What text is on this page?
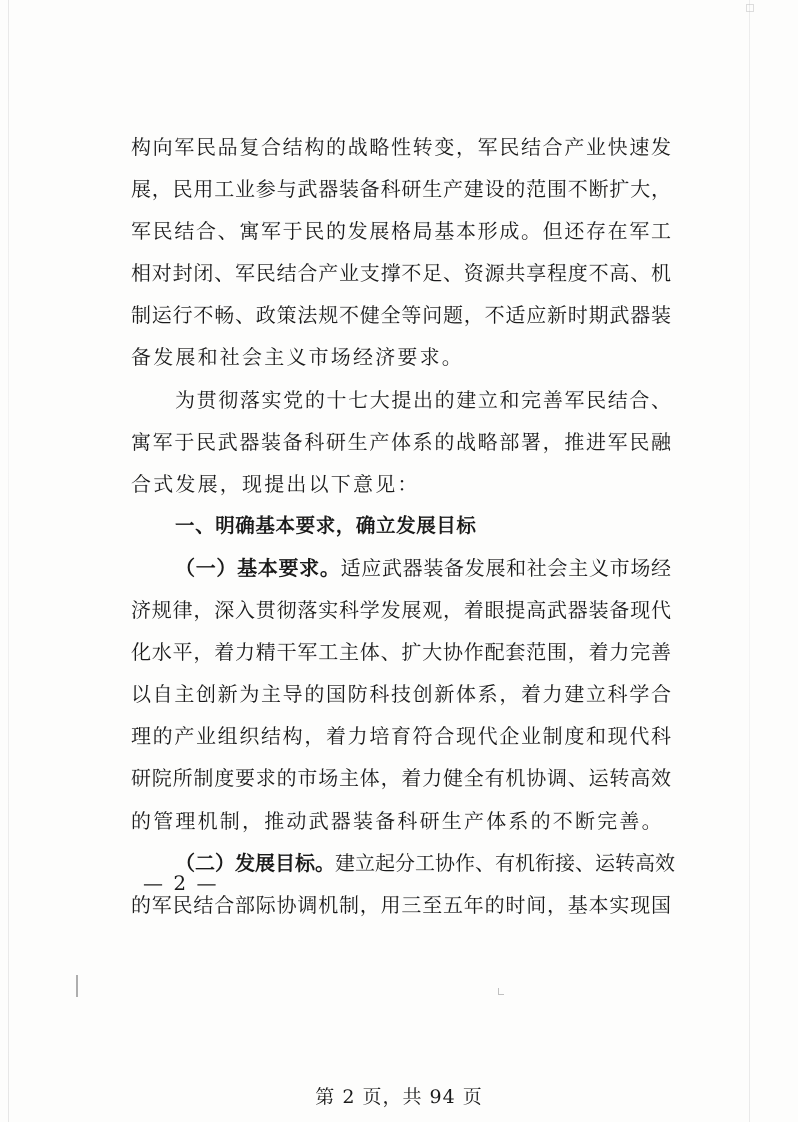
构向军民品复合结构的战略性转变，军民结合产业快速发
展，民用工业参与武器装备科研生产建设的范围不断扩大，
军民结合、寓军于民的发展格局基本形成。但还存在军工
相对封闭、军民结合产业支撑不足、资源共享程度不高、机
制运行不畅、政策法规不健全等问题，不适应新时期武器装
备发展和社会主义市场经济要求。
为贯彻落实党的十七大提出的建立和完善军民结合、
寓军于民武器装备科研生产体系的战略部署，推进军民融
合式发展，现提出以下意见：
一、明确基本要求，确立发展目标
（一）基本要求。适应武器装备发展和社会主义市场经
济规律，深入贯彻落实科学发展观，着眼提高武器装备现代
化水平，着力精干军工主体、扩大协作配套范围，着力完善
以自主创新为主导的国防科技创新体系，着力建立科学合
理的产业组织结构，着力培育符合现代企业制度和现代科
研院所制度要求的市场主体，着力健全有机协调、运转高效
的管理机制，推动武器装备科研生产体系的不断完善。
（二）发展目标。建立起分工协作、有机衔接、运转高效
的军民结合部际协调机制，用三至五年的时间，基本实现国
— 2 —
第 2 页，共 94 页
